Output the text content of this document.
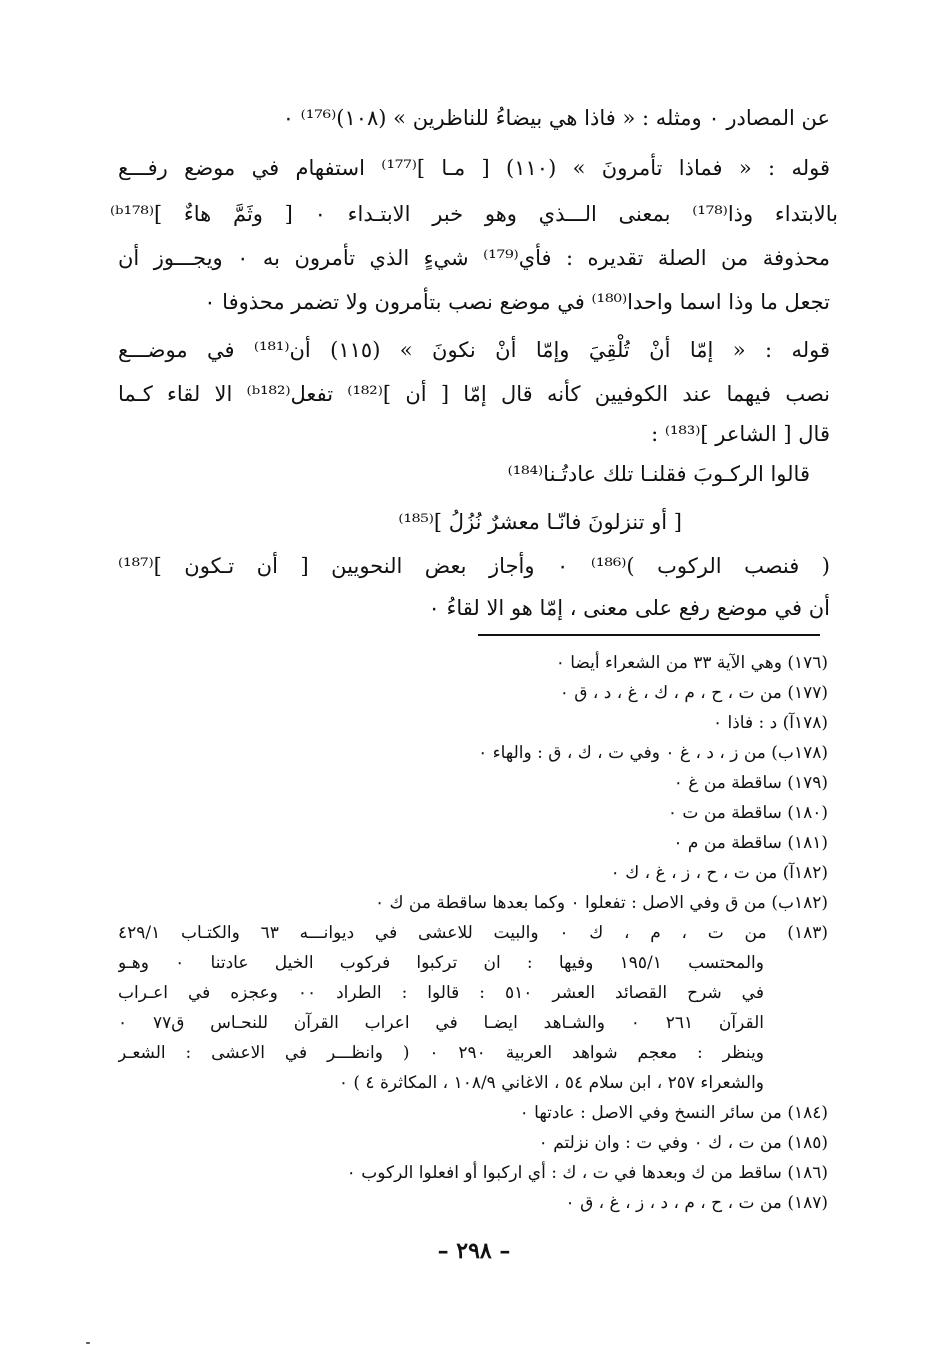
عن المصادر ٠ ومثله : « فاذا هي بيضاءُ للناظرين » (١٠٨)⁽¹⁷⁶⁾ ٠
قوله : « فماذا تأمرونَ » (١١٠) [ مـا ]⁽¹⁷⁷⁾ استفهام في موضع رفـــع
بالابتداء وذا⁽¹⁷⁸⁾ بمعنى الـــذي وهو خبر الابتـداء ٠ [ وثَمَّ هاءٌ ]⁽ᵇ¹⁷⁸⁾
محذوفة من الصلة تقديره : فأي⁽¹⁷⁹⁾ شيءٍ الذي تأمرون به ٠ ويجـــوز أن
تجعل ما وذا اسما واحدا⁽¹⁸⁰⁾ في موضع نصب بتأمرون ولا تضمر محذوفا ٠
قوله : « إمّا أنْ تُلْقِيَ وإمّا أنْ نكونَ » (١١٥) أن⁽¹⁸¹⁾ في موضـــع
نصب فيهما عند الكوفيين كأنه قال إمّا [ أن ]⁽¹⁸²⁾ تفعل⁽ᵇ¹⁸²⁾ الا لقاء كـما
قال [ الشاعر ]⁽¹⁸³⁾ :
قالوا الركـوبَ فقلنـا تلك عادتُـنا⁽¹⁸⁴⁾
[ أو تنزلونَ فانّـا معشرٌ نُزُلُ ]⁽¹⁸⁵⁾
( فنصب الركوب )⁽¹⁸⁶⁾ ٠ وأجاز بعض النحويين [ أن تـكون ]⁽¹⁸⁷⁾
أن في موضع رفع على معنى ، إمّا هو الا لقاءُ ٠
(١٧٦) وهي الآية ٣٣ من الشعراء أيضا ٠
(١٧٧) من ت ، ح ، م ، ك ، غ ، د ، ق ٠
(١٧٨آ) د : فاذا ٠
(١٧٨ب) من ز ، د ، غ ٠ وفي ت ، ك ، ق : والهاء ٠
(١٧٩) ساقطة من غ ٠
(١٨٠) ساقطة من ت ٠
(١٨١) ساقطة من م ٠
(١٨٢آ) من ت ، ح ، ز ، غ ، ك ٠
(١٨٢ب) من ق وفي الاصل : تفعلوا ٠ وكما بعدها ساقطة من ك ٠
(١٨٣) من ت ، م ، ك ٠ والبيت للاعشى في ديوانـــه ٦٣ والكتـاب ٤٢٩/١
والمحتسب ١٩٥/١ وفيها : ان تركبوا فركوب الخيل عادتنا ٠ وهـو
في شرح القصائد العشر ٥١٠ : قالوا : الطراد ٠٠ وعجزه في اعـراب
القرآن ٢٦١ ٠ والشـاهد ايضـا في اعراب القرآن للنحـاس ق٧٧ ٠
وينظر : معجم شواهد العربية ٢٩٠ ٠ ( وانظـــر في الاعشى : الشعـر
والشعراء ٢٥٧ ، ابن سلام ٥٤ ، الاغاني ١٠٨/٩ ، المكاثرة ٤ ) ٠
(١٨٤) من سائر النسخ وفي الاصل : عادتها ٠
(١٨٥) من ت ، ك ٠ وفي ت : وان نزلتم ٠
(١٨٦) ساقط من ك وبعدها في ت ، ك : أي اركبوا أو افعلوا الركوب ٠
(١٨٧) من ت ، ح ، م ، د ، ز ، غ ، ق ٠
– ٢٩٨ –
